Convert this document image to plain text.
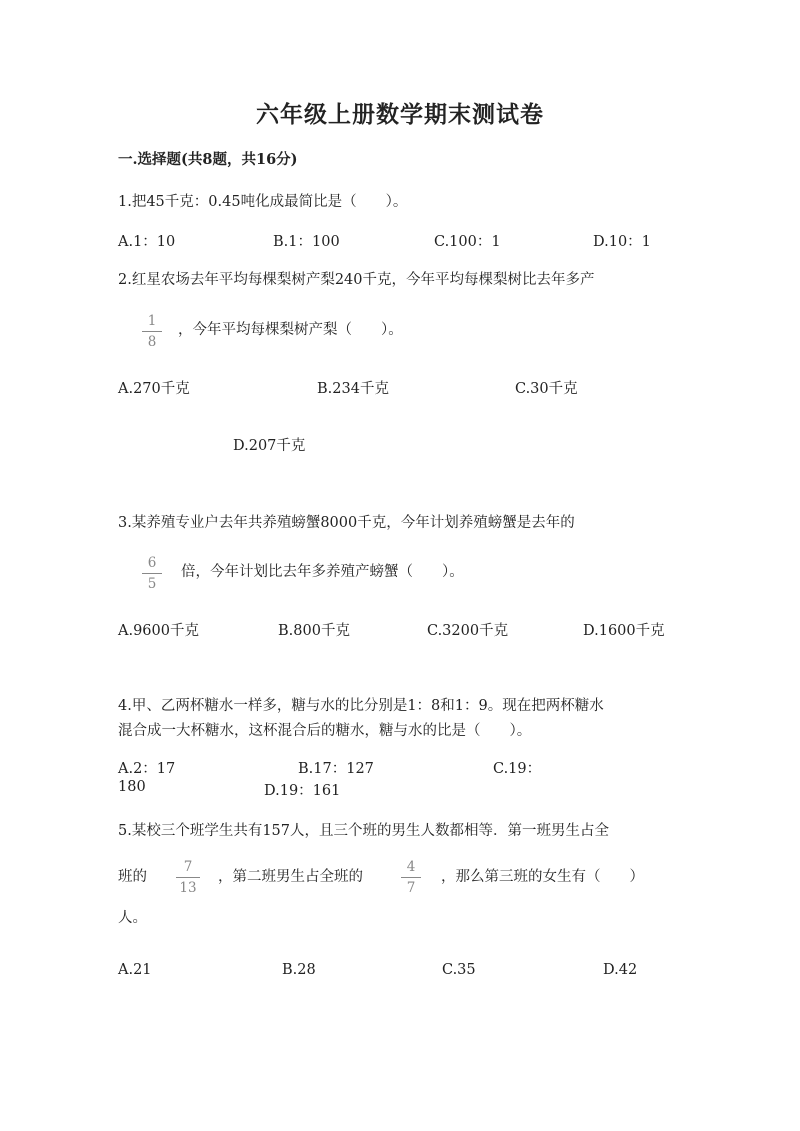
六年级上册数学期末测试卷
一.选择题(共8题，共16分)
1.把45千克：0.45吨化成最简比是（　　）。
A.1：10	B.1：100	C.100：1	D.10：1
2.红星农场去年平均每棵梨树产梨240千克，今年平均每棵梨树比去年多产
1
8
，今年平均每棵梨树产梨（　　）。
A.270千克	B.234千克	C.30千克
D.207千克
3.某养殖专业户去年共养殖螃蟹8000千克，今年计划养殖螃蟹是去年的
6
5
倍，今年计划比去年多养殖产螃蟹（　　）。
A.9600千克	B.800千克	C.3200千克	D.1600千克
4.甲、乙两杯糖水一样多，糖与水的比分别是1：8和1：9。现在把两杯糖水
混合成一大杯糖水，这杯混合后的糖水，糖与水的比是（　　）。
A.2：17	B.17：127	C.19：
180	D.19：161
5.某校三个班学生共有157人，且三个班的男生人数都相等．第一班男生占全
班的
7
13
，第二班男生占全班的
4
7
，那么第三班的女生有（　　）
人。
A.21	B.28	C.35	D.42
